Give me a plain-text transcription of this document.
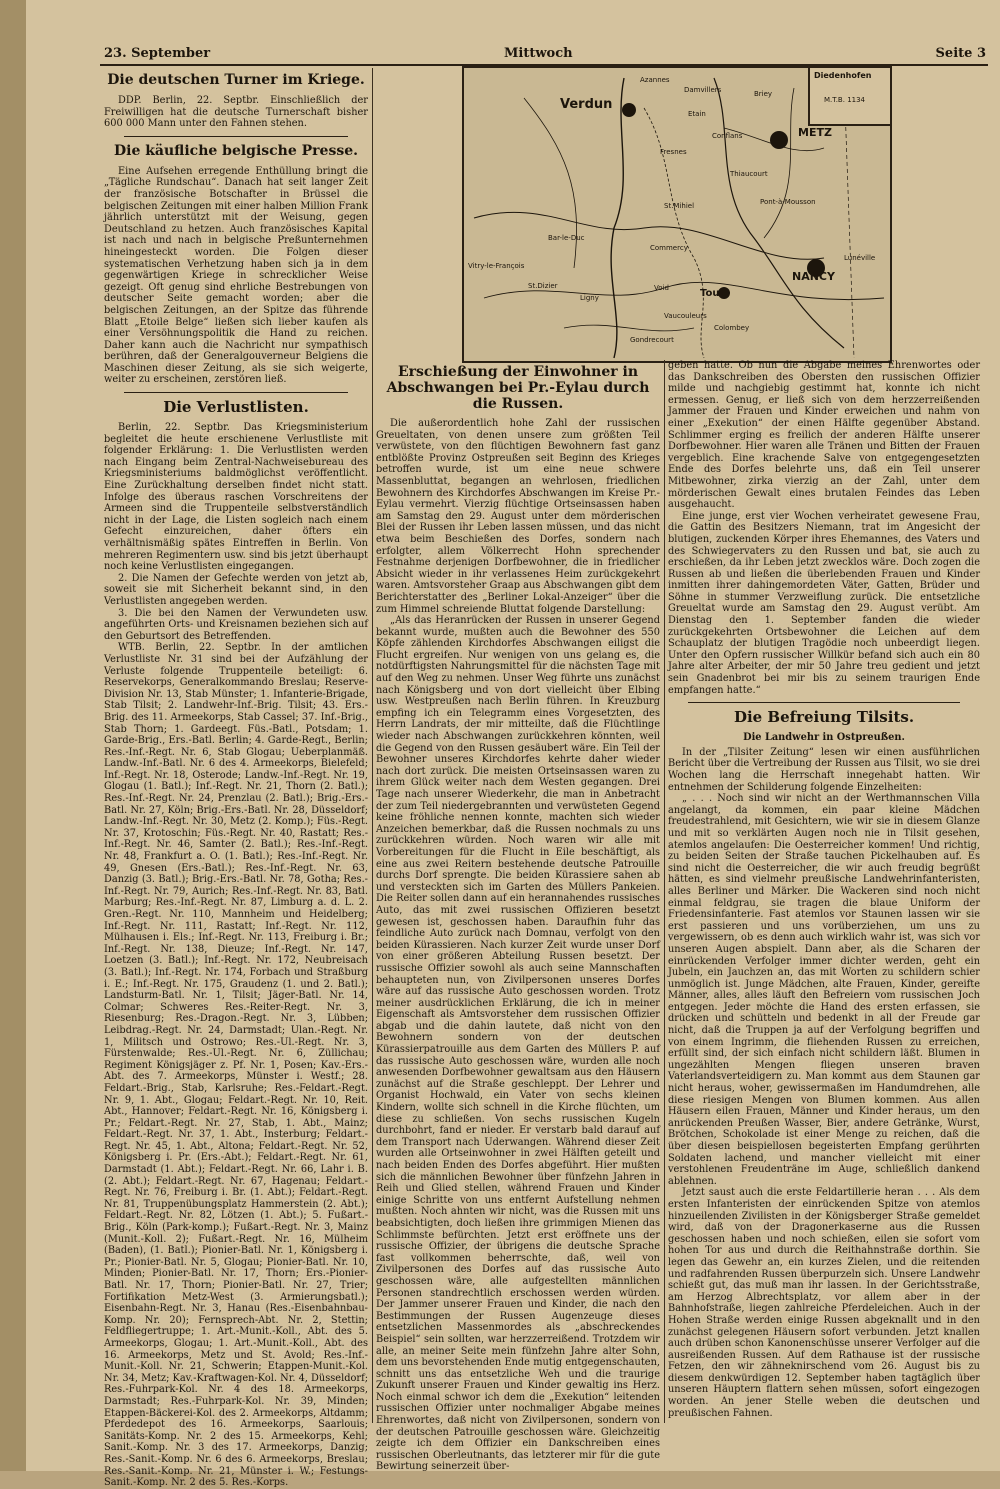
23. September	Mittwoch	Seite 3
Die deutschen Turner im Kriege.

DDP. Berlin, 22. Septbr. Einschließlich der Freiwilligen hat die deutsche Turnerschaft bisher 600 000 Mann unter den Fahnen stehen.

Die käufliche belgische Presse.

Eine Aufsehen erregende Enthüllung bringt die „Tägliche Rundschau“. Danach hat seit langer Zeit der französische Botschafter in Brüssel die belgischen Zeitungen mit einer halben Million Frank jährlich unterstützt mit der Weisung, gegen Deutschland zu hetzen. Auch französisches Kapital ist nach und nach in belgische Preßunternehmen hineingesteckt worden. Die Folgen dieser systematischen Verhetzung haben sich ja in dem gegenwärtigen Kriege in schrecklicher Weise gezeigt. Oft genug sind ehrliche Bestrebungen von deutscher Seite gemacht worden; aber die belgischen Zeitungen, an der Spitze das führende Blatt „Etoile Belge“ ließen sich lieber kaufen als einer Versöhnungspolitik die Hand zu reichen. Daher kann auch die Nachricht nur sympathisch berühren, daß der Generalgouverneur Belgiens die Maschinen dieser Zeitung, als sie sich weigerte, weiter zu erscheinen, zerstören ließ.

Die Verlustlisten.

Berlin, 22. Septbr. Das Kriegsministerium begleitet die heute erschienene Verlustliste mit folgender Erklärung: 1. Die Verlustlisten werden nach Eingang beim Zentral-Nachweisebureau des Kriegsministeriums baldmöglichst veröffentlicht. Eine Zurückhaltung derselben findet nicht statt. Infolge des überaus raschen Vorschreitens der Armeen sind die Truppenteile selbstverständlich nicht in der Lage, die Listen sogleich nach einem Gefecht einzureichen, daher öfters ein verhältnismäßig spätes Eintreffen in Berlin. Von mehreren Regimentern usw. sind bis jetzt überhaupt noch keine Verlustlisten eingegangen.

2. Die Namen der Gefechte werden von jetzt ab, soweit sie mit Sicherheit bekannt sind, in den Verlustlisten angegeben werden.

3. Die bei den Namen der Verwundeten usw. angeführten Orts- und Kreisnamen beziehen sich auf den Geburtsort des Betreffenden.

WTB. Berlin, 22. Septbr. In der amtlichen Verlustliste Nr. 31 sind bei der Aufzählung der Verluste folgende Truppenteile beteiligt: 6. Reservekorps, Generalkommando Breslau; Reserve-Division Nr. 13, Stab Münster; 1. Infanterie-Brigade, Stab Tilsit; 2. Landwehr-Inf.-Brig. Tilsit; 43. Ers.-Brig. des 11. Armeekorps, Stab Cassel; 37. Inf.-Brig., Stab Thorn; 1. Gardeegt. Füs.-Batl., Potsdam; 1. Garde-Brig., Ers.-Batl. Berlin; 4. Garde-Regt., Berlin; Res.-Inf.-Regt. Nr. 6, Stab Glogau; Ueberplanmäß. Landw.-Inf.-Batl. Nr. 6 des 4. Armeekorps, Bielefeld; Inf.-Regt. Nr. 18, Osterode; Landw.-Inf.-Regt. Nr. 19, Glogau (1. Batl.); Inf.-Regt. Nr. 21, Thorn (2. Batl.); Res.-Inf.-Regt. Nr. 24, Prenzlau (2. Batl.); Brig.-Ers.-Batl. Nr. 27, Köln; Brig.-Ers.-Batl. Nr. 28, Düsseldorf; Landw.-Inf.-Regt. Nr. 30, Metz (2. Komp.); Füs.-Regt. Nr. 37, Krotoschin; Füs.-Regt. Nr. 40, Rastatt; Res.-Inf.-Regt. Nr. 46, Samter (2. Batl.); Res.-Inf.-Regt. Nr. 48, Frankfurt a. O. (1. Batl.); Res.-Inf.-Regt. Nr. 49, Gnesen (Ers.-Batl.); Res.-Inf.-Regt. Nr. 63, Danzig (3. Batl.); Brig.-Ers.-Batl. Nr. 78, Gotha; Res.-Inf.-Regt. Nr. 79, Aurich; Res.-Inf.-Regt. Nr. 83, Batl. Marburg; Res.-Inf.-Regt. Nr. 87, Limburg a. d. L. 2. Gren.-Regt. Nr. 110, Mannheim und Heidelberg; Inf.-Regt. Nr. 111, Rastatt; Inf.-Regt. Nr. 112, Mülhausen i. Els.; Inf.-Regt. Nr. 113, Freiburg i. Br.; Inf.-Regt. Nr. 138, Dieuze; Inf.-Regt. Nr. 147, Loetzen (3. Batl.); Inf.-Regt. Nr. 172, Neubreisach (3. Batl.); Inf.-Regt. Nr. 174, Forbach und Straßburg i. E.; Inf.-Regt. Nr. 175, Graudenz (1. und 2. Batl.); Landsturm-Batl. Nr. 1, Tilsit; Jäger-Batl. Nr. 14, Colmar; Schweres Res.-Reiter-Regt. Nr. 3, Riesenburg; Res.-Dragon.-Regt. Nr. 3, Lübben; Leibdrag.-Regt. Nr. 24, Darmstadt; Ulan.-Regt. Nr. 1, Militsch und Ostrowo; Res.-Ul.-Regt. Nr. 3, Fürstenwalde; Res.-Ul.-Regt. Nr. 6, Züllichau; Regiment Königsjäger z. Pf. Nr. 1, Posen; Kav.-Ers.-Abt. des 7. Armeekorps, Münster i. Westf.; 28. Feldart.-Brig., Stab, Karlsruhe; Res.-Feldart.-Regt. Nr. 9, 1. Abt., Glogau; Feldart.-Regt. Nr. 10, Reit. Abt., Hannover; Feldart.-Regt. Nr. 16, Königsberg i. Pr.; Feldart.-Regt. Nr. 27, Stab, 1. Abt., Mainz; Feldart.-Regt. Nr. 37, 1. Abt., Insterburg; Feldart.-Regt. Nr. 45, 1. Abt., Altona; Feldart.-Regt. Nr. 52, Königsberg i. Pr. (Ers.-Abt.); Feldart.-Regt. Nr. 61, Darmstadt (1. Abt.); Feldart.-Regt. Nr. 66, Lahr i. B. (2. Abt.); Feldart.-Regt. Nr. 67, Hagenau; Feldart.-Regt. Nr. 76, Freiburg i. Br. (1. Abt.); Feldart.-Regt. Nr. 81, Truppenübungsplatz Hammerstein (2. Abt.); Feldart.-Regt. Nr. 82, Lötzen (1. Abt.); 5. Fußart.-Brig., Köln (Park-komp.); Fußart.-Regt. Nr. 3, Mainz (Munit.-Koll. 2); Fußart.-Regt. Nr. 16, Mülheim (Baden), (1. Batl.); Pionier-Batl. Nr. 1, Königsberg i. Pr.; Pionier-Batl. Nr. 5, Glogau; Pionier-Batl. Nr. 10, Minden; Pionier-Batl. Nr. 17, Thorn; Ers.-Pionier-Batl. Nr. 17, Thorn; Pionier-Batl. Nr. 27, Trier; Fortifikation Metz-West (3. Armierungsbatl.); Eisenbahn-Regt. Nr. 3, Hanau (Res.-Eisenbahnbau-Komp. Nr. 20); Fernsprech-Abt. Nr. 2, Stettin; Feldfliegertruppe; 1. Art.-Munit.-Koll., Abt. des 5. Armeekorps, Glogau; 1. Art.-Munit.-Koll., Abt. des 16. Armeekorps, Metz und St. Avold; Res.-Inf.-Munit.-Koll. Nr. 21, Schwerin; Etappen-Munit.-Kol. Nr. 34, Metz; Kav.-Kraftwagen-Kol. Nr. 4, Düsseldorf; Res.-Fuhrpark-Kol. Nr. 4 des 18. Armeekorps, Darmstadt; Res.-Fuhrpark-Kol. Nr. 39, Minden; Etappen-Bäckerei-Kol. des 2. Armeekorps, Altdamm; Pferdedepot des 16. Armeekorps, Saarlouis; Sanitäts-Komp. Nr. 2 des 15. Armeekorps, Kehl; Sanit.-Komp. Nr. 3 des 17. Armeekorps, Danzig; Res.-Sanit.-Komp. Nr. 6 des 6. Armeekorps, Breslau; Res.-Sanit.-Komp. Nr. 21, Münster i. W.; Festungs-Sanit.-Komp. Nr. 2 des 5. Res.-Korps.

Verdun
METZ
NANCY
Toul
St.Mihiel
Vitry-le-François
Lunéville
Etain
Conflans
Pont-à-Mousson
Commercy
Bar-le-Duc
St.Dizier
Gondrecourt
Thiaucourt
Briey
Azannes
Damvillers
Fresnes
Ligny
Void
Vaucouleurs
Colombey
Diedenhofen
M.T.B. 1134
Erschießung der Einwohner in Abschwangen bei Pr.-Eylau durch die Russen.

Die außerordentlich hohe Zahl der russischen Greueltaten, von denen unsere zum größten Teil verwüstete, von den flüchtigen Bewohnern fast ganz entblößte Provinz Ostpreußen seit Beginn des Krieges betroffen wurde, ist um eine neue schwere Massenbluttat, begangen an wehrlosen, friedlichen Bewohnern des Kirchdorfes Abschwangen im Kreise Pr.-Eylau vermehrt. Vierzig flüchtige Ortseinsassen haben am Samstag den 29. August unter dem mörderischen Blei der Russen ihr Leben lassen müssen, und das nicht etwa beim Beschießen des Dorfes, sondern nach erfolgter, allem Völkerrecht Hohn sprechender Festnahme derjenigen Dorfbewohner, die in friedlicher Absicht wieder in ihr verlassenes Heim zurückgekehrt waren. Amtsvorsteher Graap aus Abschwangen gibt dem Berichterstatter des „Berliner Lokal-Anzeiger“ über die zum Himmel schreiende Bluttat folgende Darstellung:

„Als das Heranrücken der Russen in unserer Gegend bekannt wurde, mußten auch die Bewohner des 550 Köpfe zählenden Kirchdorfes Abschwangen eiligst die Flucht ergreifen. Nur wenigen von uns gelang es, die notdürftigsten Nahrungsmittel für die nächsten Tage mit auf den Weg zu nehmen. Unser Weg führte uns zunächst nach Königsberg und von dort vielleicht über Elbing usw. Westpreußen nach Berlin führen. In Kreuzburg empfing ich ein Telegramm eines Vorgesetzten, des Herrn Landrats, der mir mitteilte, daß die Flüchtlinge wieder nach Abschwangen zurückkehren könnten, weil die Gegend von den Russen gesäubert wäre. Ein Teil der Bewohner unseres Kirchdorfes kehrte daher wieder nach dort zurück. Die meisten Ortseinsassen waren zu ihrem Glück weiter nach dem Westen gegangen. Drei Tage nach unserer Wiederkehr, die man in Anbetracht der zum Teil niedergebrannten und verwüsteten Gegend keine fröhliche nennen konnte, machten sich wieder Anzeichen bemerkbar, daß die Russen nochmals zu uns zurückkehren würden. Noch waren wir alle mit Vorbereitungen für die Flucht in Eile beschäftigt, als eine aus zwei Reitern bestehende deutsche Patrouille durchs Dorf sprengte. Die beiden Kürassiere sahen ab und versteckten sich im Garten des Müllers Pankeien. Die Reiter sollen dann auf ein herannahendes russisches Auto, das mit zwei russischen Offizieren besetzt gewesen ist, geschossen haben. Daraufhin fuhr das feindliche Auto zurück nach Domnau, verfolgt von den beiden Kürassieren. Nach kurzer Zeit wurde unser Dorf von einer größeren Abteilung Russen besetzt. Der russische Offizier sowohl als auch seine Mannschaften behaupteten nun, von Zivilpersonen unseres Dorfes wäre auf das russische Auto geschossen worden. Trotz meiner ausdrücklichen Erklärung, die ich in meiner Eigenschaft als Amtsvorsteher dem russischen Offizier abgab und die dahin lautete, daß nicht von den Bewohnern sondern von der deutschen Kürassierpatrouille aus dem Garten des Müllers P. auf das russische Auto geschossen wäre, wurden alle noch anwesenden Dorfbewohner gewaltsam aus den Häusern zunächst auf die Straße geschleppt. Der Lehrer und Organist Hochwald, ein Vater von sechs kleinen Kindern, wollte sich schnell in die Kirche flüchten, um diese zu schließen. Von sechs russischen Kugeln durchbohrt, fand er nieder. Er verstarb bald darauf auf dem Transport nach Uderwangen. Während dieser Zeit wurden alle Ortseinwohner in zwei Hälften geteilt und nach beiden Enden des Dorfes abgeführt. Hier mußten sich die männlichen Bewohner über fünfzehn Jahren in Reih und Glied stellen, während Frauen und Kinder einige Schritte von uns entfernt Aufstellung nehmen mußten. Noch ahnten wir nicht, was die Russen mit uns beabsichtigten, doch ließen ihre grimmigen Mienen das Schlimmste befürchten. Jetzt erst eröffnete uns der russische Offizier, der übrigens die deutsche Sprache fast vollkommen beherrschte, daß, weil von Zivilpersonen des Dorfes auf das russische Auto geschossen wäre, alle aufgestellten männlichen Personen standrechtlich erschossen werden würden. Der Jammer unserer Frauen und Kinder, die nach den Bestimmungen der Russen Augenzeuge dieses entsetzlichen Massenmordes als „abschreckendes Beispiel“ sein sollten, war herzzerreißend. Trotzdem wir alle, an meiner Seite mein fünfzehn Jahre alter Sohn, dem uns bevorstehenden Ende mutig entgegenschauten, schnitt uns das entsetzliche Weh und die traurige Zukunft unserer Frauen und Kinder gewaltig ins Herz. Noch einmal schwor ich dem die „Exekution“ leitenden russischen Offizier unter nochmaliger Abgabe meines Ehrenwortes, daß nicht von Zivilpersonen, sondern von der deutschen Patrouille geschossen wäre. Gleichzeitig zeigte ich dem Offizier ein Dankschreiben eines russischen Oberleutnants, das letzterer mir für die gute Bewirtung seinerzeit über-

geben hatte. Ob nun die Abgabe meines Ehrenwortes oder das Dankschreiben des Obersten den russischen Offizier milde und nachgiebig gestimmt hat, konnte ich nicht ermessen. Genug, er ließ sich von dem herzzerreißenden Jammer der Frauen und Kinder erweichen und nahm von einer „Exekution“ der einen Hälfte gegenüber Abstand. Schlimmer erging es freilich der anderen Hälfte unserer Dorfbewohner. Hier waren alle Tränen und Bitten der Frauen vergeblich. Eine krachende Salve von entgegengesetzten Ende des Dorfes belehrte uns, daß ein Teil unserer Mitbewohner, zirka vierzig an der Zahl, unter dem mörderischen Gewalt eines brutalen Feindes das Leben ausgehaucht.

Eine junge, erst vier Wochen verheiratet gewesene Frau, die Gattin des Besitzers Niemann, trat im Angesicht der blutigen, zuckenden Körper ihres Ehemannes, des Vaters und des Schwiegervaters zu den Russen und bat, sie auch zu erschießen, da ihr Leben jetzt zwecklos wäre. Doch zogen die Russen ab und ließen die überlebenden Frauen und Kinder inmitten ihrer dahingemordeten Väter, Gatten, Brüder und Söhne in stummer Verzweiflung zurück. Die entsetzliche Greueltat wurde am Samstag den 29. August verübt. Am Dienstag den 1. September fanden die wieder zurückgekehrten Ortsbewohner die Leichen auf dem Schauplatz der blutigen Tragödie noch unbeerdigt liegen. Unter den Opfern russischer Willkür befand sich auch ein 80 Jahre alter Arbeiter, der mir 50 Jahre treu gedient und jetzt sein Gnadenbrot bei mir bis zu seinem traurigen Ende empfangen hatte.“

Die Befreiung Tilsits.
Die Landwehr in Ostpreußen.

In der „Tilsiter Zeitung“ lesen wir einen ausführlichen Bericht über die Vertreibung der Russen aus Tilsit, wo sie drei Wochen lang die Herrschaft innegehabt hatten. Wir entnehmen der Schilderung folgende Einzelheiten:

„ . . . Noch sind wir nicht an der Werthmannschen Villa angelangt, da kommen, ein paar kleine Mädchen freudestrahlend, mit Gesichtern, wie wir sie in diesem Glanze und mit so verklärten Augen noch nie in Tilsit gesehen, atemlos angelaufen: Die Oesterreicher kommen! Und richtig, zu beiden Seiten der Straße tauchen Pickelhauben auf. Es sind nicht die Oesterreicher, die wir auch freudig begrüßt hätten, es sind vielmehr preußische Landwehrinfanteristen, alles Berliner und Märker. Die Wackeren sind noch nicht einmal feldgrau, sie tragen die blaue Uniform der Friedensinfanterie. Fast atemlos vor Staunen lassen wir sie erst passieren und uns vorüberziehen, um uns zu vergewissern, ob es denn auch wirklich wahr ist, was sich vor unseren Augen abspielt. Dann aber, als die Scharen der einrückenden Verfolger immer dichter werden, geht ein Jubeln, ein Jauchzen an, das mit Worten zu schildern schier unmöglich ist. Junge Mädchen, alte Frauen, Kinder, gereifte Männer, alles, alles läuft den Befreiern vom russischen Joch entgegen. Jeder möchte die Hand des ersten erfassen, sie drücken und schütteln und bedenkt in all der Freude gar nicht, daß die Truppen ja auf der Verfolgung begriffen und von einem Ingrimm, die fliehenden Russen zu erreichen, erfüllt sind, der sich einfach nicht schildern läßt. Blumen in ungezählten Mengen fliegen unseren braven Vaterlandsverteidigern zu. Man kommt aus dem Staunen gar nicht heraus, woher, gewissermaßen im Handumdrehen, alle diese riesigen Mengen von Blumen kommen. Aus allen Häusern eilen Frauen, Männer und Kinder heraus, um den anrückenden Preußen Wasser, Bier, andere Getränke, Wurst, Brötchen, Schokolade ist einer Menge zu reichen, daß die über diesen beispiellosen begeisterten Empfang gerührten Soldaten lachend, und mancher vielleicht mit einer verstohlenen Freudenträne im Auge, schließlich dankend ablehnen.

Jetzt saust auch die erste Feldartillerie heran . . . Als dem ersten Infanteristen der einrückenden Spitze von atemlos hinzueilenden Zivilisten in der Königsberger Straße gemeldet wird, daß von der Dragonerkaserne aus die Russen geschossen haben und noch schießen, eilen sie sofort vom hohen Tor aus und durch die Reithahnstraße dorthin. Sie legen das Gewehr an, ein kurzes Zielen, und die reitenden und radfahrenden Russen überpurzeln sich. Unsere Landwehr schießt gut, das muß man ihr lassen. In der Gerichtsstraße, am Herzog Albrechtsplatz, vor allem aber in der Bahnhofstraße, liegen zahlreiche Pferdeleichen. Auch in der Hohen Straße werden einige Russen abgeknallt und in den zunächst gelegenen Häusern sofort verbunden. Jetzt knallen auch drüben schon Kanonenschüsse unserer Verfolger auf die ausreißenden Russen. Auf dem Rathause ist der russische Fetzen, den wir zähneknirschend vom 26. August bis zu diesem denkwürdigen 12. September haben tagtäglich über unseren Häuptern flattern sehen müssen, sofort eingezogen worden. An jener Stelle weben die deutschen und preußischen Fahnen.
